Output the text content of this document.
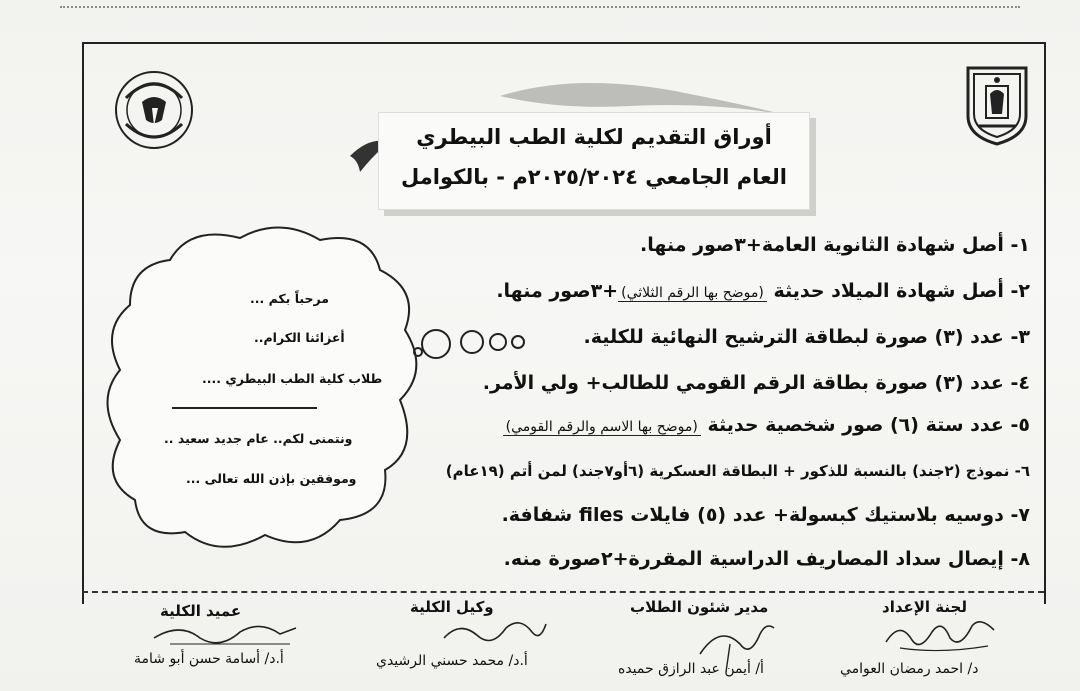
أوراق التقديم لكلية الطب البيطري
العام الجامعي ٢٠٢٥/٢٠٢٤م - بالكوامل
١- أصل شهادة الثانوية العامة+٣صور منها.
٢- أصل شهادة الميلاد حديثة (موضح بها الرقم الثلاثي)+٣صور منها.
٣- عدد (٣) صورة لبطاقة الترشيح النهائية للكلية.
٤- عدد (٣) صورة بطاقة الرقم القومي للطالب+ ولي الأمر.
٥- عدد ستة (٦) صور شخصية حديثة (موضح بها الاسم والرقم القومي)
٦- نموذج (٢جند) بالنسبة للذكور + البطاقة العسكرية (٦أو٧جند) لمن أتم (١٩عام)
٧- دوسيه بلاستيك كبسولة+ عدد (٥) فايلات files شفافة.
٨- إيصال سداد المصاريف الدراسية المقررة+٢صورة منه.
مرحباً بكم ...
أعزائنا الكرام..
طلاب كلية الطب البيطري ....
ونتمنى لكم.. عام جديد سعيد ..
وموفقين بإذن الله تعالى ...
لجنة الإعداد
د/ احمد رمضان العوامي
مدير شئون الطلاب
أ/ أيمن عبد الرازق حميده
وكيل الكلية
أ.د/ محمد حسني الرشيدي
عميد الكلية
أ.د/ أسامة حسن أبو شامة
